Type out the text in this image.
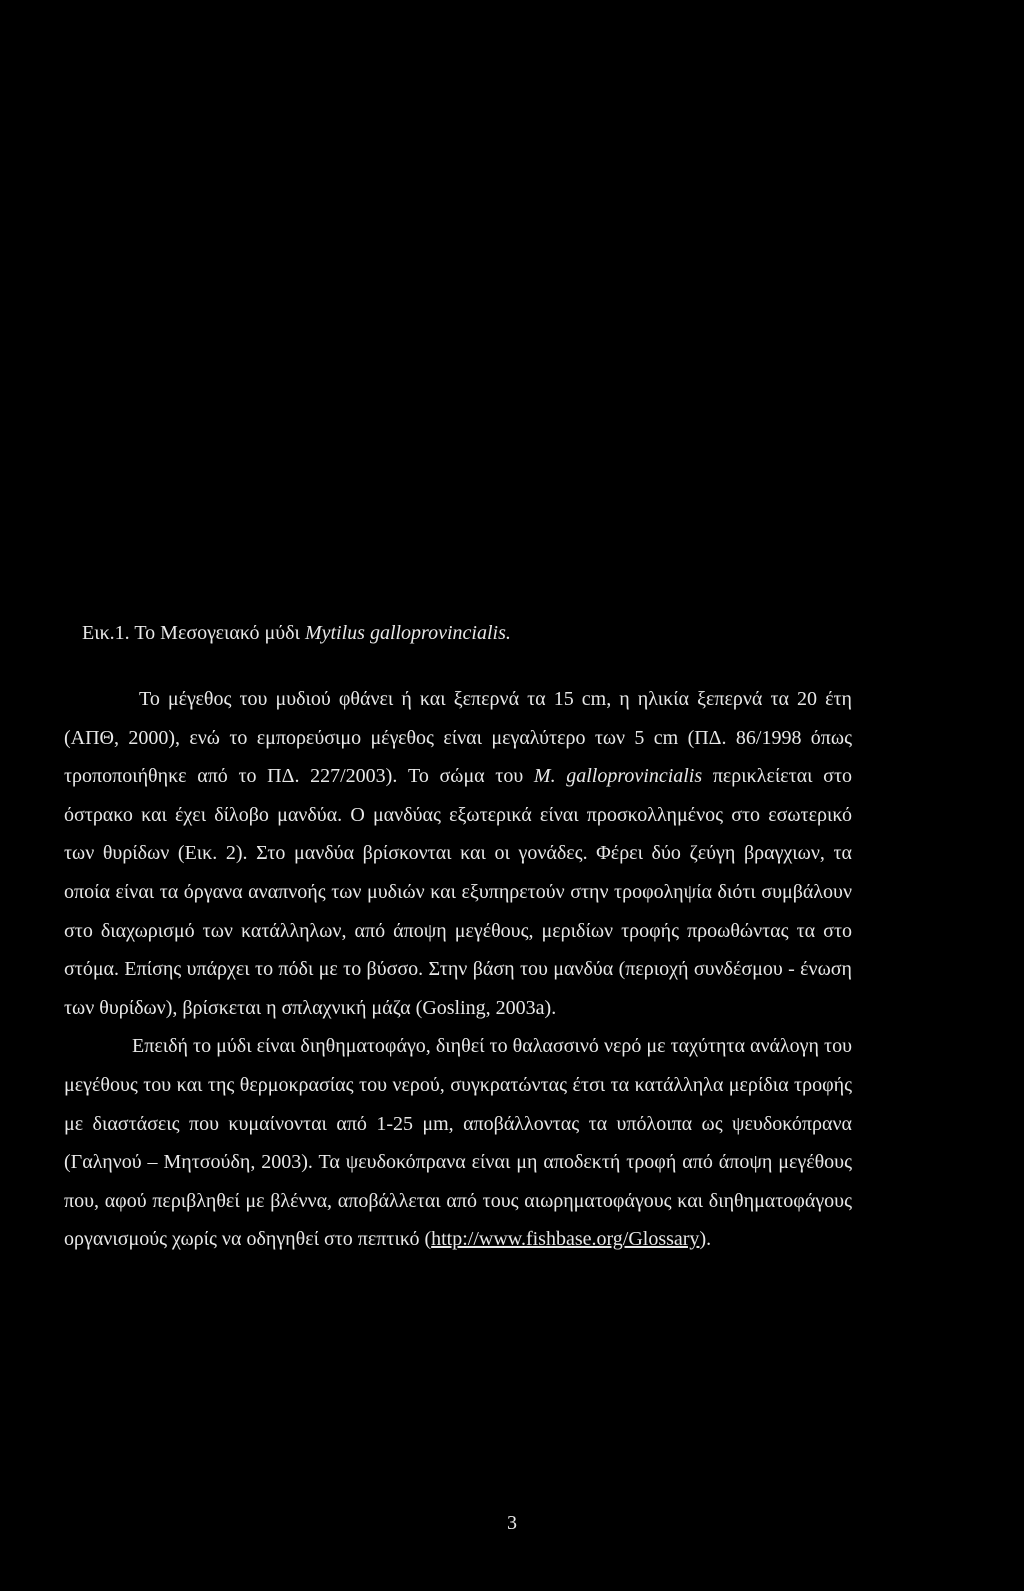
Εικ.1. Το Μεσογειακό μύδι Mytilus galloprovincialis.

Το μέγεθος του μυδιού φθάνει ή και ξεπερνά τα 15 cm, η ηλικία ξεπερνά τα 20 έτη (ΑΠΘ, 2000), ενώ το εμπορεύσιμο μέγεθος είναι μεγαλύτερο των 5 cm (ΠΔ. 86/1998 όπως τροποποιήθηκε από το ΠΔ. 227/2003). Το σώμα του M. galloprovincialis περικλείεται στο όστρακο και έχει δίλοβο μανδύα. Ο μανδύας εξωτερικά είναι προσκολλημένος στο εσωτερικό των θυρίδων (Εικ. 2). Στο μανδύα βρίσκονται και οι γονάδες. Φέρει δύο ζεύγη βραγχιων, τα οποία είναι τα όργανα αναπνοής των μυδιών και εξυπηρετούν στην τροφοληψία διότι συμβάλουν στο διαχωρισμό των κατάλληλων, από άποψη μεγέθους, μεριδίων τροφής προωθώντας τα στο στόμα. Επίσης υπάρχει το πόδι με το βύσσο. Στην βάση του μανδύα (περιοχή συνδέσμου - ένωση των θυρίδων), βρίσκεται η σπλαχνική μάζα (Gosling, 2003a).

Επειδή το μύδι είναι διηθηματοφάγο, διηθεί το θαλασσινό νερό με ταχύτητα ανάλογη του μεγέθους του και της θερμοκρασίας του νερού, συγκρατώντας έτσι τα κατάλληλα μερίδια τροφής με διαστάσεις που κυμαίνονται από 1-25 μm, αποβάλλοντας τα υπόλοιπα ως ψευδοκόπρανα (Γαληνού – Μητσούδη, 2003). Τα ψευδοκόπρανα είναι μη αποδεκτή τροφή από άποψη μεγέθους που, αφού περιβληθεί με βλέννα, αποβάλλεται από τους αιωρηματοφάγους και διηθηματοφάγους οργανισμούς χωρίς να οδηγηθεί στο πεπτικό (http://www.fishbase.org/Glossary).

3
